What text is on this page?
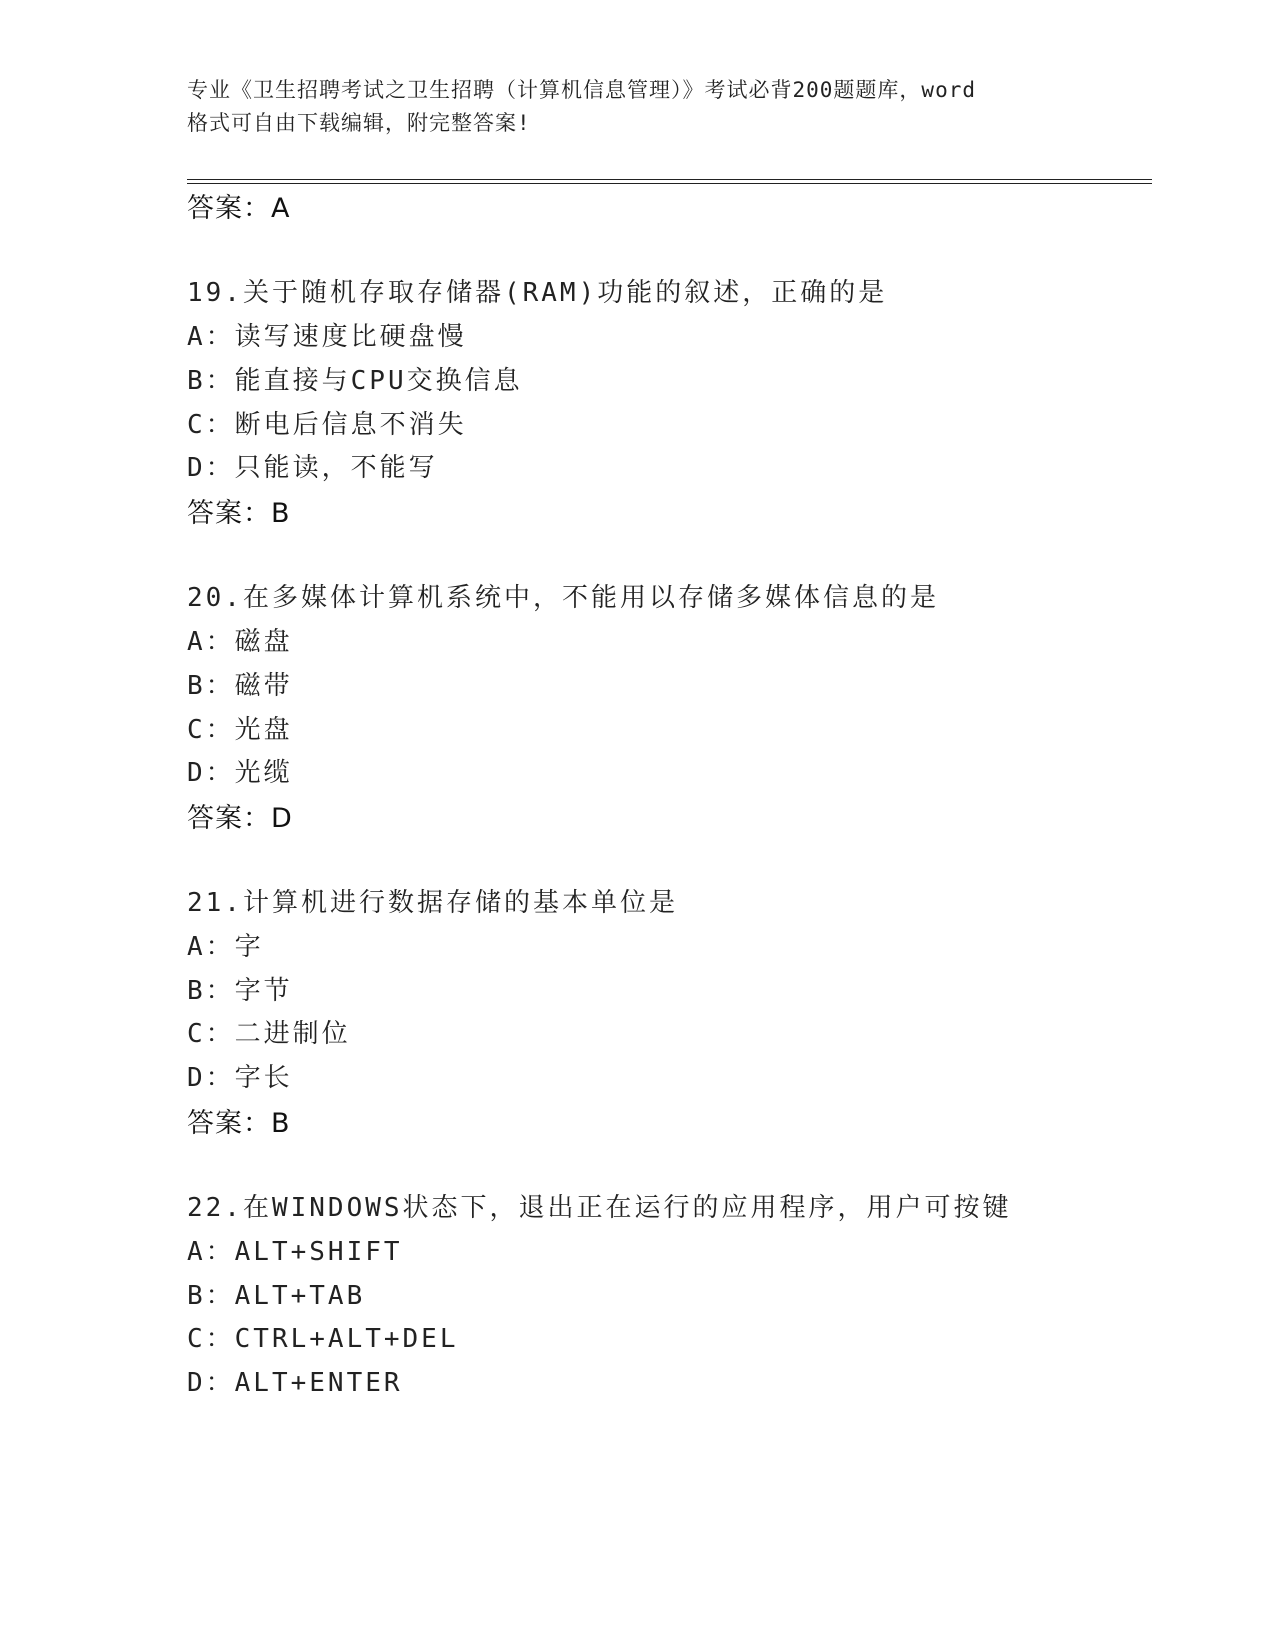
专业《卫生招聘考试之卫生招聘（计算机信息管理）》考试必背200题题库，word
格式可自由下载编辑，附完整答案!
答案：A
19.关于随机存取存储器(RAM)功能的叙述，正确的是
A：读写速度比硬盘慢
B：能直接与CPU交换信息
C：断电后信息不消失
D：只能读，不能写
答案：B
20.在多媒体计算机系统中，不能用以存储多媒体信息的是
A：磁盘
B：磁带
C：光盘
D：光缆
答案：D
21.计算机进行数据存储的基本单位是
A：字
B：字节
C：二进制位
D：字长
答案：B
22.在WINDOWS状态下，退出正在运行的应用程序，用户可按键
A：ALT+SHIFT
B：ALT+TAB
C：CTRL+ALT+DEL
D：ALT+ENTER
